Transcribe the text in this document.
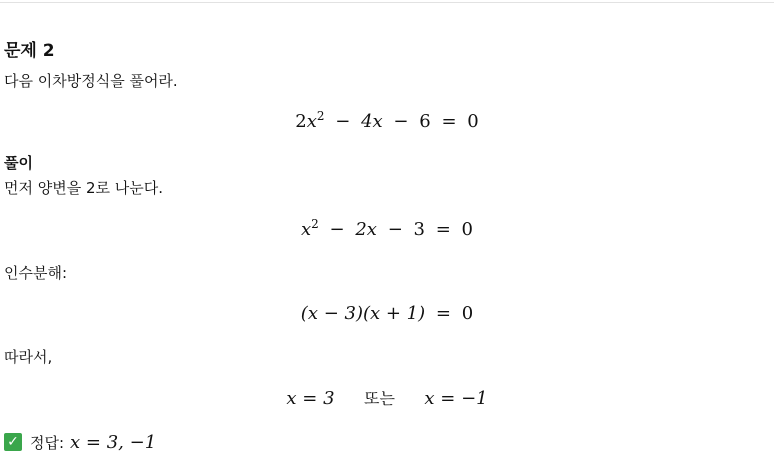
문제 2
다음 이차방정식을 풀어라.
$2x^2 - 4x - 6 = 0$
풀이
먼저 양변을 2로 나눈다.
$x^2 - 2x - 3 = 0$
인수분해:
(x − 3)(x + 1) = 0
따라서,
x = 3 또는 x = −1
✓ 정답: x = 3, −1
